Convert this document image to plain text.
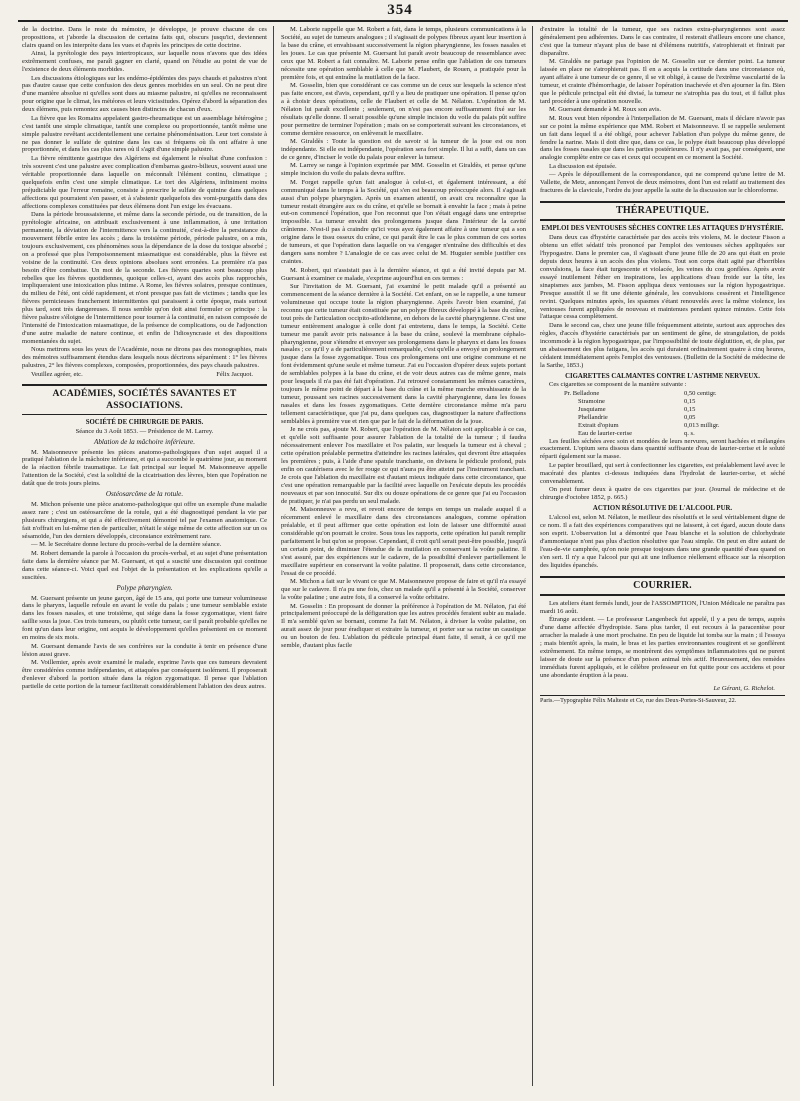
354

de la doctrine. Dans le reste du mémoire, je développe, je prouve chacune de ces propositions, et j'aborde la discussion de certains faits qui, obscurs jusqu'ici, deviennent clairs quand on les interprète dans les vues et d'après les principes de cette doctrine.

Ainsi, la pyrétologie des pays intertropicaux, sur laquelle nous n'avons que des idées extrêmement confuses, me paraît gagner en clarté, quand on l'étudie au point de vue de l'existence de deux éléments morbides.

Les discussions étiologiques sur les endémo-épidémies des pays chauds et palustres n'ont pas d'autre cause que cette confusion des deux genres morbides en un seul. On ne peut dire d'une manière absolue ni qu'elles sont dues au miasme palustre, ni qu'elles ne reconnaissent pour origine que le climat, les météores et leurs vicissitudes. Opérez d'abord la séparation des deux élémens, puis remontez aux causes bien distinctes de chacun d'eux.

La fièvre que les Romains appelaient gastro-rheumatique est un assemblage hétérogène ; c'est tantôt une simple climatique, tantôt une complexe ou proportionnée, tantôt même une simple palustre revêtant accidentellement une certaine phénoménisation. Leur tort consiste à ne pas donner le sulfate de quinine dans les cas si fréquens où ils ont affaire à une proportionnée, et dans les cas plus rares où il s'agit d'une simple palustre.

La fièvre rémittente gastrique des Algériens est également le résultat d'une confusion : très souvent c'est une palustre avec complication d'embarras gastro-bilieux, souvent aussi une véritable proportionnée dans laquelle on méconnaît l'élément continu, climatique ; quelquefois enfin c'est une simple climatique. Le tort des Algériens, infiniment moins préjudiciable que l'erreur romaine, consiste à prescrire le sulfate de quinine dans quelques affections qui pourraient s'en passer, et à s'abstenir quelquefois des vomi-purgatifs dans des affections complexes constituées par deux élémens dont l'un exige les évacuans.

Dans la période broussaisienne, et même dans la seconde période, ou de transition, de la pyrétologie africaine, on attribuait exclusivement à une inflammation, à une irritation permanente, la déviation de l'intermittence vers la continuité, c'est-à-dire la persistance du mouvement fébrile entre les accès ; dans la troisième période, période palustre, on a mis, toujours exclusivement, ces phénomènes sous la dépendance de la dose du toxique absorbé ; on a professé que plus l'empoisonnement miasmatique est considérable, plus la fièvre est voisine de la continuité. Ces deux opinions absolues sont erronées. La première n'a pas besoin d'être combattue. Un mot de la seconde. Les fièvres quartes sont beaucoup plus rebelles que les fièvres quotidiennes, quoique celles-ci, ayant des accès plus rapprochés, impliqueraient une intoxication plus intime. A Rome, les fièvres solaires, presque continues, du milieu de l'été, ont cédé rapidement, et n'ont presque pas fait de victimes ; tandis que les fièvres pernicieuses franchement intermittentes qui paraissent à cette époque, mais surtout plus tard, sont très dangereuses. Il nous semble qu'on doit ainsi formuler ce principe : la fièvre palustre s'éloigne de l'intermittence pour tourner à la continuité, en raison composée de l'intensité de l'intoxication miasmatique, de la présence de complications, ou de l'adjonction d'une autre maladie de nature continue, et enfin de l'idiosyncrasie et des dispositions momentanées du sujet.

Nous mettrons sous les yeux de l'Académie, nous ne dirons pas des monographies, mais des mémoires suffisamment étendus dans lesquels nous décrirons séparément : 1° les fièvres palustres, 2° les fièvres complexes, composées, proportionnées, des pays chauds palustres.

Veuillez agréer, etc.	Félix Jacquot.

ACADÉMIES, SOCIÉTÉS SAVANTES ET ASSOCIATIONS.
SOCIÉTÉ DE CHIRURGIE DE PARIS.
Séance du 3 Août 1853. — Présidence de M. Larrey.
Ablation de la mâchoire inférieure.

M. Maisonneuve présente les pièces anatomo-pathologiques d'un sujet auquel il a pratiqué l'ablation de la mâchoire inférieure, et qui a succombé le quatrième jour, au moment de la réaction fébrile traumatique. Le fait principal sur lequel M. Maisonneuve appelle l'attention de la Société, c'est la solidité de la cicatrisation des lèvres, bien que l'opération ne datât que de trois jours pleins.

Ostéosarcôme de la rotule.

M. Michon présente une pièce anatomo-pathologique qui offre un exemple d'une maladie assez rare ; c'est un ostéosarcôme de la rotule, qui a été diagnostiqué pendant la vie par plusieurs chirurgiens, et qui a été effectivement démontré tel par l'examen anatomique. Ce fait n'offrait en lui-même rien de particulier, n'était le siége même de cette affection sur un os sésamoïde, l'un des derniers développés, circonstance extrêmement rare.

— M. le Secrétaire donne lecture du procès-verbal de la dernière séance.

M. Robert demande la parole à l'occasion du procès-verbal, et au sujet d'une présentation faite dans la dernière séance par M. Guersant, et qui a suscité une discussion qui continue dans cette séance-ci. Voici quel est l'objet de la présentation et les explications qu'elle a suscitées.

Polype pharyngien.

M. Guersant présente un jeune garçon, âgé de 15 ans, qui porte une tumeur volumineuse dans le pharynx, laquelle refoule en avant le voile du palais ; une tumeur semblable existe dans les fosses nasales, et une troisième, qui siége dans la fosse zygomatique, vient faire saillie sous la joue. Ces trois tumeurs, ou plutôt cette tumeur, car il paraît probable qu'elles ne font qu'un dans leur origine, ont acquis le développement qu'elles présentent en ce moment en moins de six mois.

M. Guersant demande l'avis de ses confrères sur la conduite à tenir en présence d'une lésion aussi grave.

M. Voillemier, après avoir examiné le malade, exprime l'avis que ces tumeurs devraient être considérées comme indépendantes, et attaquées par conséquent isolément. Il proposerait d'enlever d'abord la portion située dans la région zygomatique. Il pense que l'ablation partielle de cette portion de la tumeur faciliterait considérablement l'ablation des deux autres.

M. Laborie rappelle que M. Robert a fait, dans le temps, plusieurs communications à la Société, au sujet de tumeurs analogues ; il s'agissait de polypes fibreux ayant leur insertion à la base du crâne, et envahissant successivement la région pharyngienne, les fosses nasales et les joues. Le cas que présente M. Guersant lui paraît avoir beaucoup de ressemblance avec ceux que M. Robert a fait connaître. M. Laborie pense enfin que l'ablation de ces tumeurs nécessite une opération semblable à celle que M. Flaubert, de Rouen, a pratiquée pour la première fois, et qui entraîne la mutilation de la face.

M. Gosselin, bien que considérant ce cas comme un de ceux sur lesquels la science n'est pas faite encore, est d'avis, cependant, qu'il y a lieu de pratiquer une opération. Il pense qu'on a à choisir deux opérations, celle de Flaubert et celle de M. Nélaton. L'opération de M. Nélaton lui paraît excellente ; seulement, on n'est pas encore suffisamment fixé sur les résultats qu'elle donne. Il serait possible qu'une simple incision du voile du palais pût suffire pour permettre de terminer l'opération ; mais on se comporterait suivant les circonstances, et comme dernière ressource, on enlèverait le maxillaire.

M. Giraldès : Toute la question est de savoir si la tumeur de la joue est ou non indépendante. Si elle est indépendante, l'opération sera fort simple. Il lui a suffi, dans un cas de ce genre, d'inciser le voile du palais pour enlever la tumeur.

M. Larrey se range à l'opinion exprimée par MM. Gosselin et Giraldès, et pense qu'une simple incision du voile du palais devra suffire.

M. Forget rappelle qu'un fait analogue à celui-ci, et également intéressant, a été communiqué dans le temps à la Société, qui s'en est beaucoup préoccupée alors. Il s'agissait aussi d'un polype pharyngien. Après un examen attentif, on avait cru reconnaître que la tumeur restait étrangère aux os du crâne, et qu'elle se bornait à envahir la face ; mais à peine eut-on commencé l'opération, que l'on reconnut que l'on s'était engagé dans une entreprise impossible. La tumeur envahit des prolongemens jusque dans l'intérieur de la cavité crânienne. N'est-il pas à craindre qu'ici vous ayez également affaire à une tumeur qui a son origine dans le tissu osseux du crâne, ce qui paraît être le cas le plus commun de ces sortes de tumeurs, et que l'opération dans laquelle on va s'engager n'entraîne des difficultés et des dangers sans nombre ? L'analogie de ce cas avec celui de M. Huguier semble justifier ces craintes.

M. Robert, qui n'assistait pas à la dernière séance, et qui a été invité depuis par M. Guersant à examiner ce malade, s'exprime aujourd'hui en ces termes :

Sur l'invitation de M. Guersant, j'ai examiné le petit malade qu'il a présenté au commencement de la séance dernière à la Société. Cet enfant, on se le rappelle, a une tumeur volumineuse qui occupe toute la région pharyngienne. Après l'avoir bien examiné, j'ai reconnu que cette tumeur était constituée par un polype fibreux développé à la base du crâne, tout près de l'articulation occipito-atloïdienne, en dehors de la cavité pharyngienne. C'est une tumeur entièrement analogue à celle dont j'ai entretenu, dans le temps, la Société. Cette tumeur me paraît avoir pris naissance à la base du crâne, soulevé la membrane céphalo-pharyngienne, pour s'étendre et envoyer ses prolongemens dans le pharynx et dans les fosses nasales ; ce qu'il y a de particulièrement remarquable, c'est qu'elle a envoyé un prolongement jusque dans la fosse zygomatique. Tous ces prolongemens ont une origine commune et ne font évidemment qu'une seule et même tumeur. J'ai eu l'occasion d'opérer deux sujets portant de semblables polypes à la base du crâne, et de voir deux autres cas de même genre, mais pour lesquels il n'a pas été fait d'opération. J'ai retrouvé constamment les mêmes caractères, toujours le même point de départ à la base du crâne et la même marche envahissante de la tumeur, poussant ses racines successivement dans la cavité pharyngienne, dans les fosses nasales et dans les fosses zygomatiques. Cette dernière circonstance même m'a paru tellement caractéristique, que j'ai pu, dans quelques cas, diagnostiquer la nature d'affections semblables à première vue et rien que par le fait de la déformation de la joue.

Je ne crois pas, ajoute M. Robert, que l'opération de M. Nélaton soit applicable à ce cas, et qu'elle soit suffisante pour assurer l'ablation de la totalité de la tumeur ; il faudra nécessairement enlever l'os maxillaire et l'os palatin, sur lesquels la tumeur est à cheval ; cette opération préalable permettra d'atteindre les racines latérales, qui devront être attaquées les premières ; puis, à l'aide d'une spatule tranchante, on divisera le pédicule profond, puis enfin on cautérisera avec le fer rouge ce qui n'aura pu être atteint par l'instrument tranchant. Je crois que l'ablation du maxillaire est d'autant mieux indiquée dans cette circonstance, que c'est une opération remarquable par la facilité avec laquelle on l'exécute depuis les procédés nouveaux et par son innocuité. Sur dix ou douze opérations de ce genre que j'ai eu l'occasion de pratiquer, je n'ai pas perdu un seul malade.

M. Maisonneuve a revu, et revoit encore de temps en temps un malade auquel il a récemment enlevé le maxillaire dans des circonstances analogues, comme opération préalable, et il peut affirmer que cette opération est loin de laisser une difformité aussi considérable qu'on pourrait le croire. Sous tous les rapports, cette opération lui paraît remplir parfaitement le but qu'on se propose. Cependant, il croit qu'il serait peut-être possible, jusqu'à un certain point, de diminuer l'étendue de la mutilation en conservant la voûte palatine. Il s'est assuré, par des expériences sur le cadavre, de la possibilité d'enlever partiellement le maxillaire supérieur en conservant la voûte palatine. Il proposerait, dans cette circonstance, l'essai de ce procédé.

M. Michon a fait sur le vivant ce que M. Maisonneuve propose de faire et qu'il n'a essayé que sur le cadavre. Il n'a pu une fois, chez un malade qu'il a présenté à la Société, conserver la voûte palatine ; une autre fois, il a conservé la voûte orbitaire.

M. Gosselin : En proposant de donner la préférence à l'opération de M. Nélaton, j'ai été principalement préoccupé de la défiguration que les autres procédés feraient subir au malade. Il m'a semblé qu'en se bornant, comme l'a fait M. Nélaton, à diviser la voûte palatine, on aurait assez de jour pour éradiquer et extraire la tumeur, et porter sur sa racine un caustique ou un bouton de feu. L'ablation du pédicule principal étant faite, il serait, à ce qu'il me semble, d'autant plus facile

d'extraire la totalité de la tumeur, que ses racines extra-pharyngiennes sont assez généralement peu adhérentes. Dans le cas contraire, il resterait d'ailleurs encore une chance, c'est que la tumeur n'ayant plus de base ni d'élémens nutritifs, s'atrophierait et finirait par disparaître.

M. Giraldès ne partage pas l'opinion de M. Gosselin sur ce dernier point. La tumeur laissée en place ne s'atrophierait pas. Il en a acquis la certitude dans une circonstance où, ayant affaire à une tumeur de ce genre, il se vit obligé, à cause de l'extrême vascularité de la tumeur, et crainte d'hémorrhagie, de laisser l'opération inachevée et d'en ajourner la fin. Bien que le pédicule principal eût été divisé, la tumeur ne s'atrophia pas du tout, et il fallut plus tard procéder à une opération nouvelle.

M. Guersant demande à M. Roux son avis.

M. Roux veut bien répondre à l'interpellation de M. Guersant, mais il déclare n'avoir pas sur ce point la même expérience que MM. Robert et Maisonneuve. Il se rappelle seulement un fait dans lequel il a été obligé, pour achever l'ablation d'un polype du même genre, de fendre la narine. Mais il doit dire que, dans ce cas, le polype était beaucoup plus développé dans les fosses nasales que dans les parties postérieures. Il n'y avait pas, par conséquent, une analogie complète entre ce cas et ceux qui occupent en ce moment la Société.

La discussion est épuisée.

— Après le dépouillement de la correspondance, qui ne comprend qu'une lettre de M. Vallette, de Metz, annonçant l'envoi de deux mémoires, dont l'un est relatif au traitement des fractures de la clavicule, l'ordre du jour appelle la suite de la discussion sur le chloroforme.

THÉRAPEUTIQUE.
EMPLOI DES VENTOUSES SÈCHES CONTRE LES ATTAQUES D'HYSTÉRIE.

Dans deux cas d'hystérie caractérisée par des accès très violens, M. le docteur Fisson a obtenu un effet sédatif très prononcé par l'emploi des ventouses sèches appliquées sur l'hypogastre. Dans le premier cas, il s'agissait d'une jeune fille de 20 ans qui était en proie depuis deux heures à un accès des plus violens. Tout son corps était agité par d'horribles convulsions, la face était turgescente et violacée, les veines du cou gonflées. Après avoir essayé inutilement l'éther en inspirations, les applications d'eau froide sur la tête, les sinapismes aux jambes, M. Fisson appliqua deux ventouses sur la région hypogastrique. Presque aussitôt il se fit une détente générale, les convulsions cessèrent et l'intelligence revint. Quelques minutes après, les spasmes s'étant renouvelés avec la même violence, les ventouses furent appliquées de nouveau et maintenues pendant quinze minutes. Cette fois l'attaque cessa complètement.

Dans le second cas, chez une jeune fille fréquemment atteinte, surtout aux approches des règles, d'accès d'hystérie caractérisés par un sentiment de gêne, de strangulation, de poids incommode à la région hypogastrique, par l'impossibilité de toute déglutition, et, de plus, par un abaissement des plus fatigans, les accès qui duraient ordinairement quatre à cinq heures, cédaient immédiatement après l'emploi des ventouses. (Bulletin de la Société de médecine de la Sarthe, 1853.)

CIGARETTES CALMANTES CONTRE L'ASTHME NERVEUX.

Ces cigarettes se composent de la manière suivante :

Pr. Belladone	0,50 centigr.
Stramoine	0,15
Jusquiame	0,15
Phellandrie	0,05
Extrait d'opium	0,013 milligr.
Eau de laurier-cerise	q. s.

Les feuilles séchées avec soin et mondées de leurs nervures, seront hachées et mélangées exactement. L'opium sera dissous dans quantité suffisante d'eau de laurier-cerise et le soluté réparti également sur la masse.

Le papier brouillard, qui sert à confectionner les cigarettes, est préalablement lavé avec le macératé des plantes ci-dessus indiquées dans l'hydrolat de laurier-cerise, et séché convenablement.

On peut fumer deux à quatre de ces cigarettes par jour. (Journal de médecine et de chirurgie d'octobre 1852, p. 665.)

ACTION RÉSOLUTIVE DE L'ALCOOL PUR.

L'alcool est, selon M. Nélaton, le meilleur des résolutifs et le seul véritablement digne de ce nom. Il a fait des expériences comparatives qui ne laissent, à cet égard, aucun doute dans son esprit. L'observation lui a démontré que l'eau blanche et la solution de chlorhydrate d'ammoniaque n'ont pas plus d'action résolutive que l'eau simple. On peut en dire autant de l'eau-de-vie camphrée, qu'on noie presque toujours dans une grande quantité d'eau quand on s'en sert. Il n'y a que l'alcool pur qui ait une influence réellement efficace sur la résorption des liquides épanchés.

COURRIER.

Les ateliers étant fermés lundi, jour de l'ASSOMPTION, l'Union Médicale ne paraîtra pas mardi 16 août.

Étrange accident. — Le professeur Langenbeck fut appelé, il y a peu de temps, auprès d'une dame affectée d'hydropisie. Sans plus tarder, il eut recours à la paracentèse pour arracher la malade à une mort prochaine. En peu de liquide lui tomba sur la main ; il l'essuya ; mais bientôt après, la main, le bras et les parties environnantes rougirent et se gonflèrent extrêmement. En même temps, se montrèrent des symptômes inflammatoires qui ne purent laisser de doute sur la présence d'un poison animal très actif. Heureusement, des remèdes immédiats furent appliqués, et le célèbre professeur en fut quitte pour ces accidens et pour une abondante éruption à la peau.

Le Gérant, G. Richelot.
Paris.—Typographie Félix Malteste et Ce, rue des Deux-Portes-St-Sauveur, 22.
